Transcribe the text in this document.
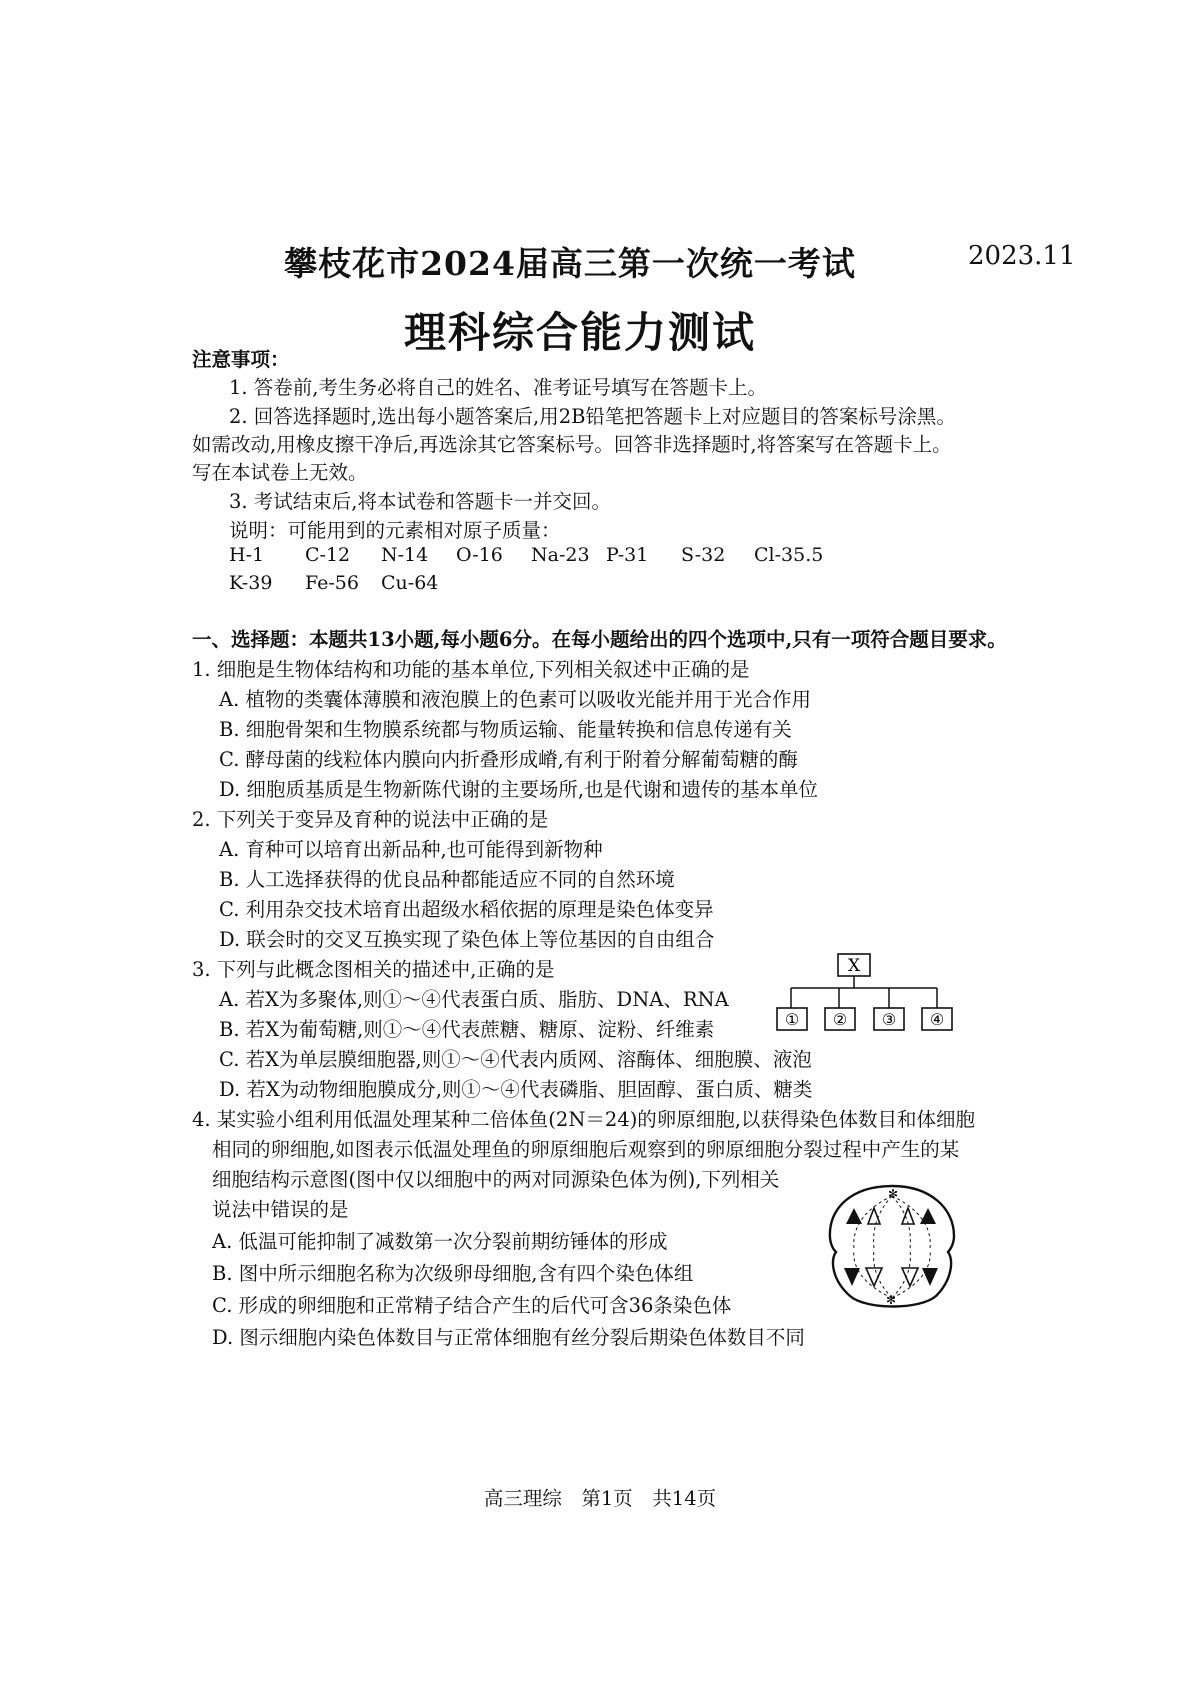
攀枝花市2024届高三第一次统一考试	2023.11
理科综合能力测试
注意事项：
1. 答卷前,考生务必将自己的姓名、准考证号填写在答题卡上。
2. 回答选择题时,选出每小题答案后,用2B铅笔把答题卡上对应题目的答案标号涂黑。
如需改动,用橡皮擦干净后,再选涂其它答案标号。回答非选择题时,将答案写在答题卡上。
写在本试卷上无效。
3. 考试结束后,将本试卷和答题卡一并交回。
说明：可能用到的元素相对原子质量：
H-1 C-12 N-14 O-16 Na-23 P-31 S-32 Cl-35.5
K-39 Fe-56 Cu-64
一、选择题：本题共13小题,每小题6分。在每小题给出的四个选项中,只有一项符合题目要求。
1. 细胞是生物体结构和功能的基本单位,下列相关叙述中正确的是
A. 植物的类囊体薄膜和液泡膜上的色素可以吸收光能并用于光合作用
B. 细胞骨架和生物膜系统都与物质运输、能量转换和信息传递有关
C. 酵母菌的线粒体内膜向内折叠形成嵴,有利于附着分解葡萄糖的酶
D. 细胞质基质是生物新陈代谢的主要场所,也是代谢和遗传的基本单位
2. 下列关于变异及育种的说法中正确的是
A. 育种可以培育出新品种,也可能得到新物种
B. 人工选择获得的优良品种都能适应不同的自然环境
C. 利用杂交技术培育出超级水稻依据的原理是染色体变异
D. 联会时的交叉互换实现了染色体上等位基因的自由组合
3. 下列与此概念图相关的描述中,正确的是
A. 若X为多聚体,则①～④代表蛋白质、脂肪、DNA、RNA
B. 若X为葡萄糖,则①～④代表蔗糖、糖原、淀粉、纤维素
C. 若X为单层膜细胞器,则①～④代表内质网、溶酶体、细胞膜、液泡
D. 若X为动物细胞膜成分,则①～④代表磷脂、胆固醇、蛋白质、糖类
X
① ② ③ ④
4. 某实验小组利用低温处理某种二倍体鱼(2N＝24)的卵原细胞,以获得染色体数目和体细胞
相同的卵细胞,如图表示低温处理鱼的卵原细胞后观察到的卵原细胞分裂过程中产生的某
细胞结构示意图(图中仅以细胞中的两对同源染色体为例),下列相关
说法中错误的是
A. 低温可能抑制了减数第一次分裂前期纺锤体的形成
B. 图中所示细胞名称为次级卵母细胞,含有四个染色体组
C. 形成的卵细胞和正常精子结合产生的后代可含36条染色体
D. 图示细胞内染色体数目与正常体细胞有丝分裂后期染色体数目不同
✻
✻
高三理综　第1页　共14页
